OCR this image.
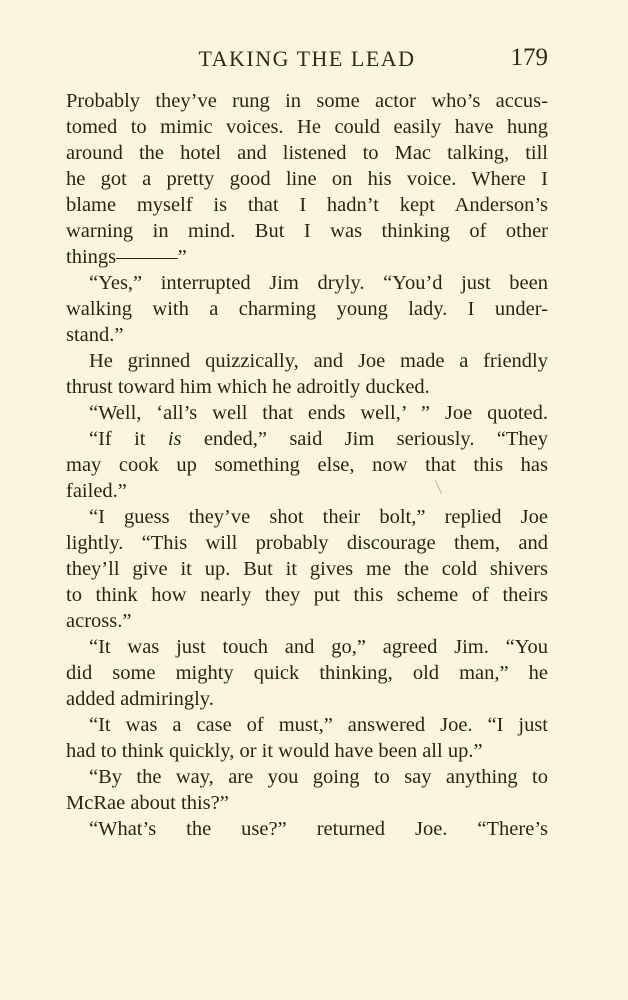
TAKING THE LEAD	179
Probably they’ve rung in some actor who’s accus-
tomed to mimic voices. He could easily have hung
around the hotel and listened to Mac talking, till
he got a pretty good line on his voice. Where I
blame myself is that I hadn’t kept Anderson’s
warning in mind. But I was thinking of other
things———”
“Yes,” interrupted Jim dryly. “You’d just been
walking with a charming young lady. I under-
stand.”
He grinned quizzically, and Joe made a friendly
thrust toward him which he adroitly ducked.
“Well, ‘all’s well that ends well,’ ” Joe quoted.
“If it is ended,” said Jim seriously. “They
may cook up something else, now that this has
failed.”
“I guess they’ve shot their bolt,” replied Joe
lightly. “This will probably discourage them, and
they’ll give it up. But it gives me the cold shivers
to think how nearly they put this scheme of theirs
across.”
“It was just touch and go,” agreed Jim. “You
did some mighty quick thinking, old man,” he
added admiringly.
“It was a case of must,” answered Joe. “I just
had to think quickly, or it would have been all up.”
“By the way, are you going to say anything to
McRae about this?”
“What’s the use?” returned Joe. “There’s
